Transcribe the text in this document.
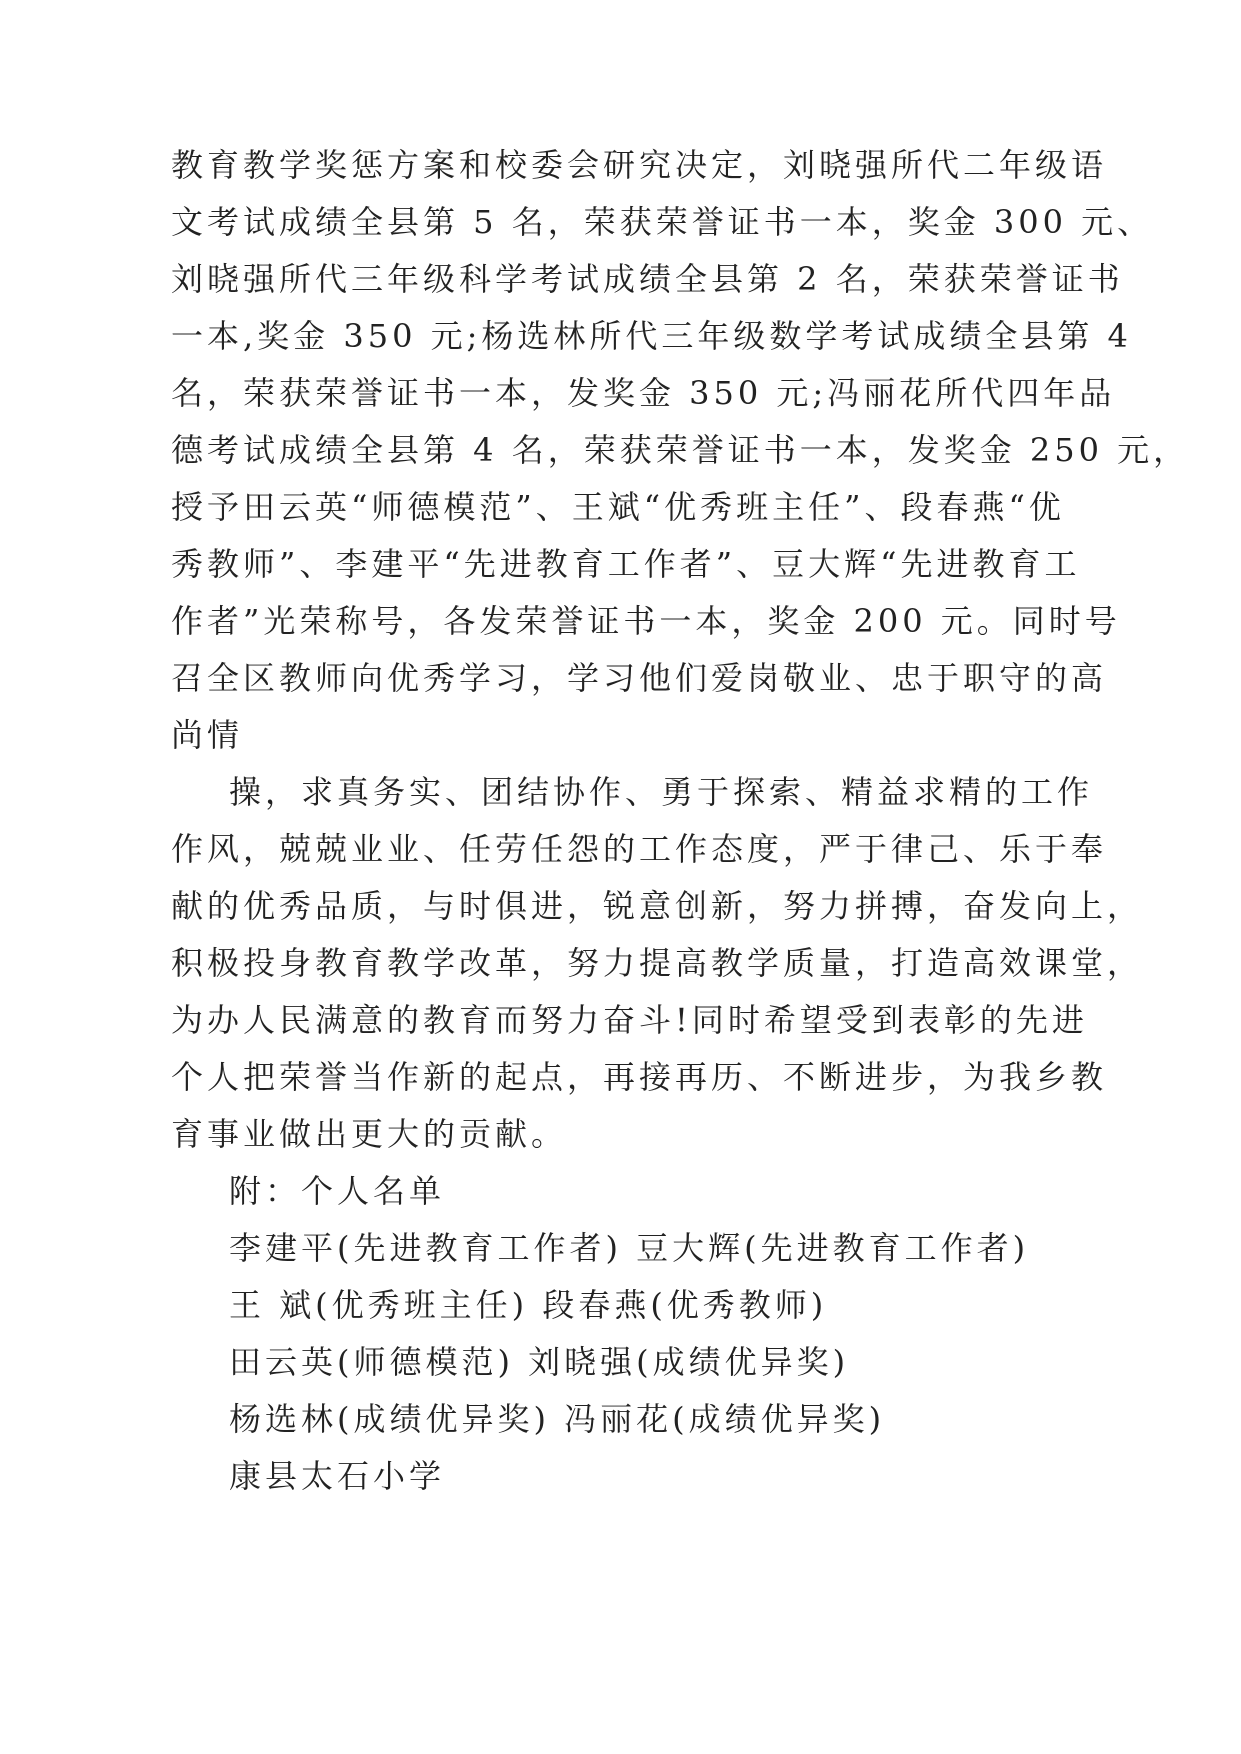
教育教学奖惩方案和校委会研究决定，刘晓强所代二年级语
文考试成绩全县第 5 名，荣获荣誉证书一本，奖金 300 元、
刘晓强所代三年级科学考试成绩全县第 2 名，荣获荣誉证书
一本,奖金 350 元;杨选林所代三年级数学考试成绩全县第 4
名，荣获荣誉证书一本，发奖金 350 元;冯丽花所代四年品
德考试成绩全县第 4 名，荣获荣誉证书一本，发奖金 250 元，
授予田云英“师德模范”、王斌“优秀班主任”、段春燕“优
秀教师”、李建平“先进教育工作者”、豆大辉“先进教育工
作者”光荣称号，各发荣誉证书一本，奖金 200 元。同时号
召全区教师向优秀学习，学习他们爱岗敬业、忠于职守的高
尚情
操，求真务实、团结协作、勇于探索、精益求精的工作
作风，兢兢业业、任劳任怨的工作态度，严于律己、乐于奉
献的优秀品质，与时俱进，锐意创新，努力拼搏，奋发向上，
积极投身教育教学改革，努力提高教学质量，打造高效课堂，
为办人民满意的教育而努力奋斗!同时希望受到表彰的先进
个人把荣誉当作新的起点，再接再历、不断进步，为我乡教
育事业做出更大的贡献。
附：个人名单
李建平(先进教育工作者) 豆大辉(先进教育工作者)
王 斌(优秀班主任) 段春燕(优秀教师)
田云英(师德模范) 刘晓强(成绩优异奖)
杨选林(成绩优异奖) 冯丽花(成绩优异奖)
康县太石小学
